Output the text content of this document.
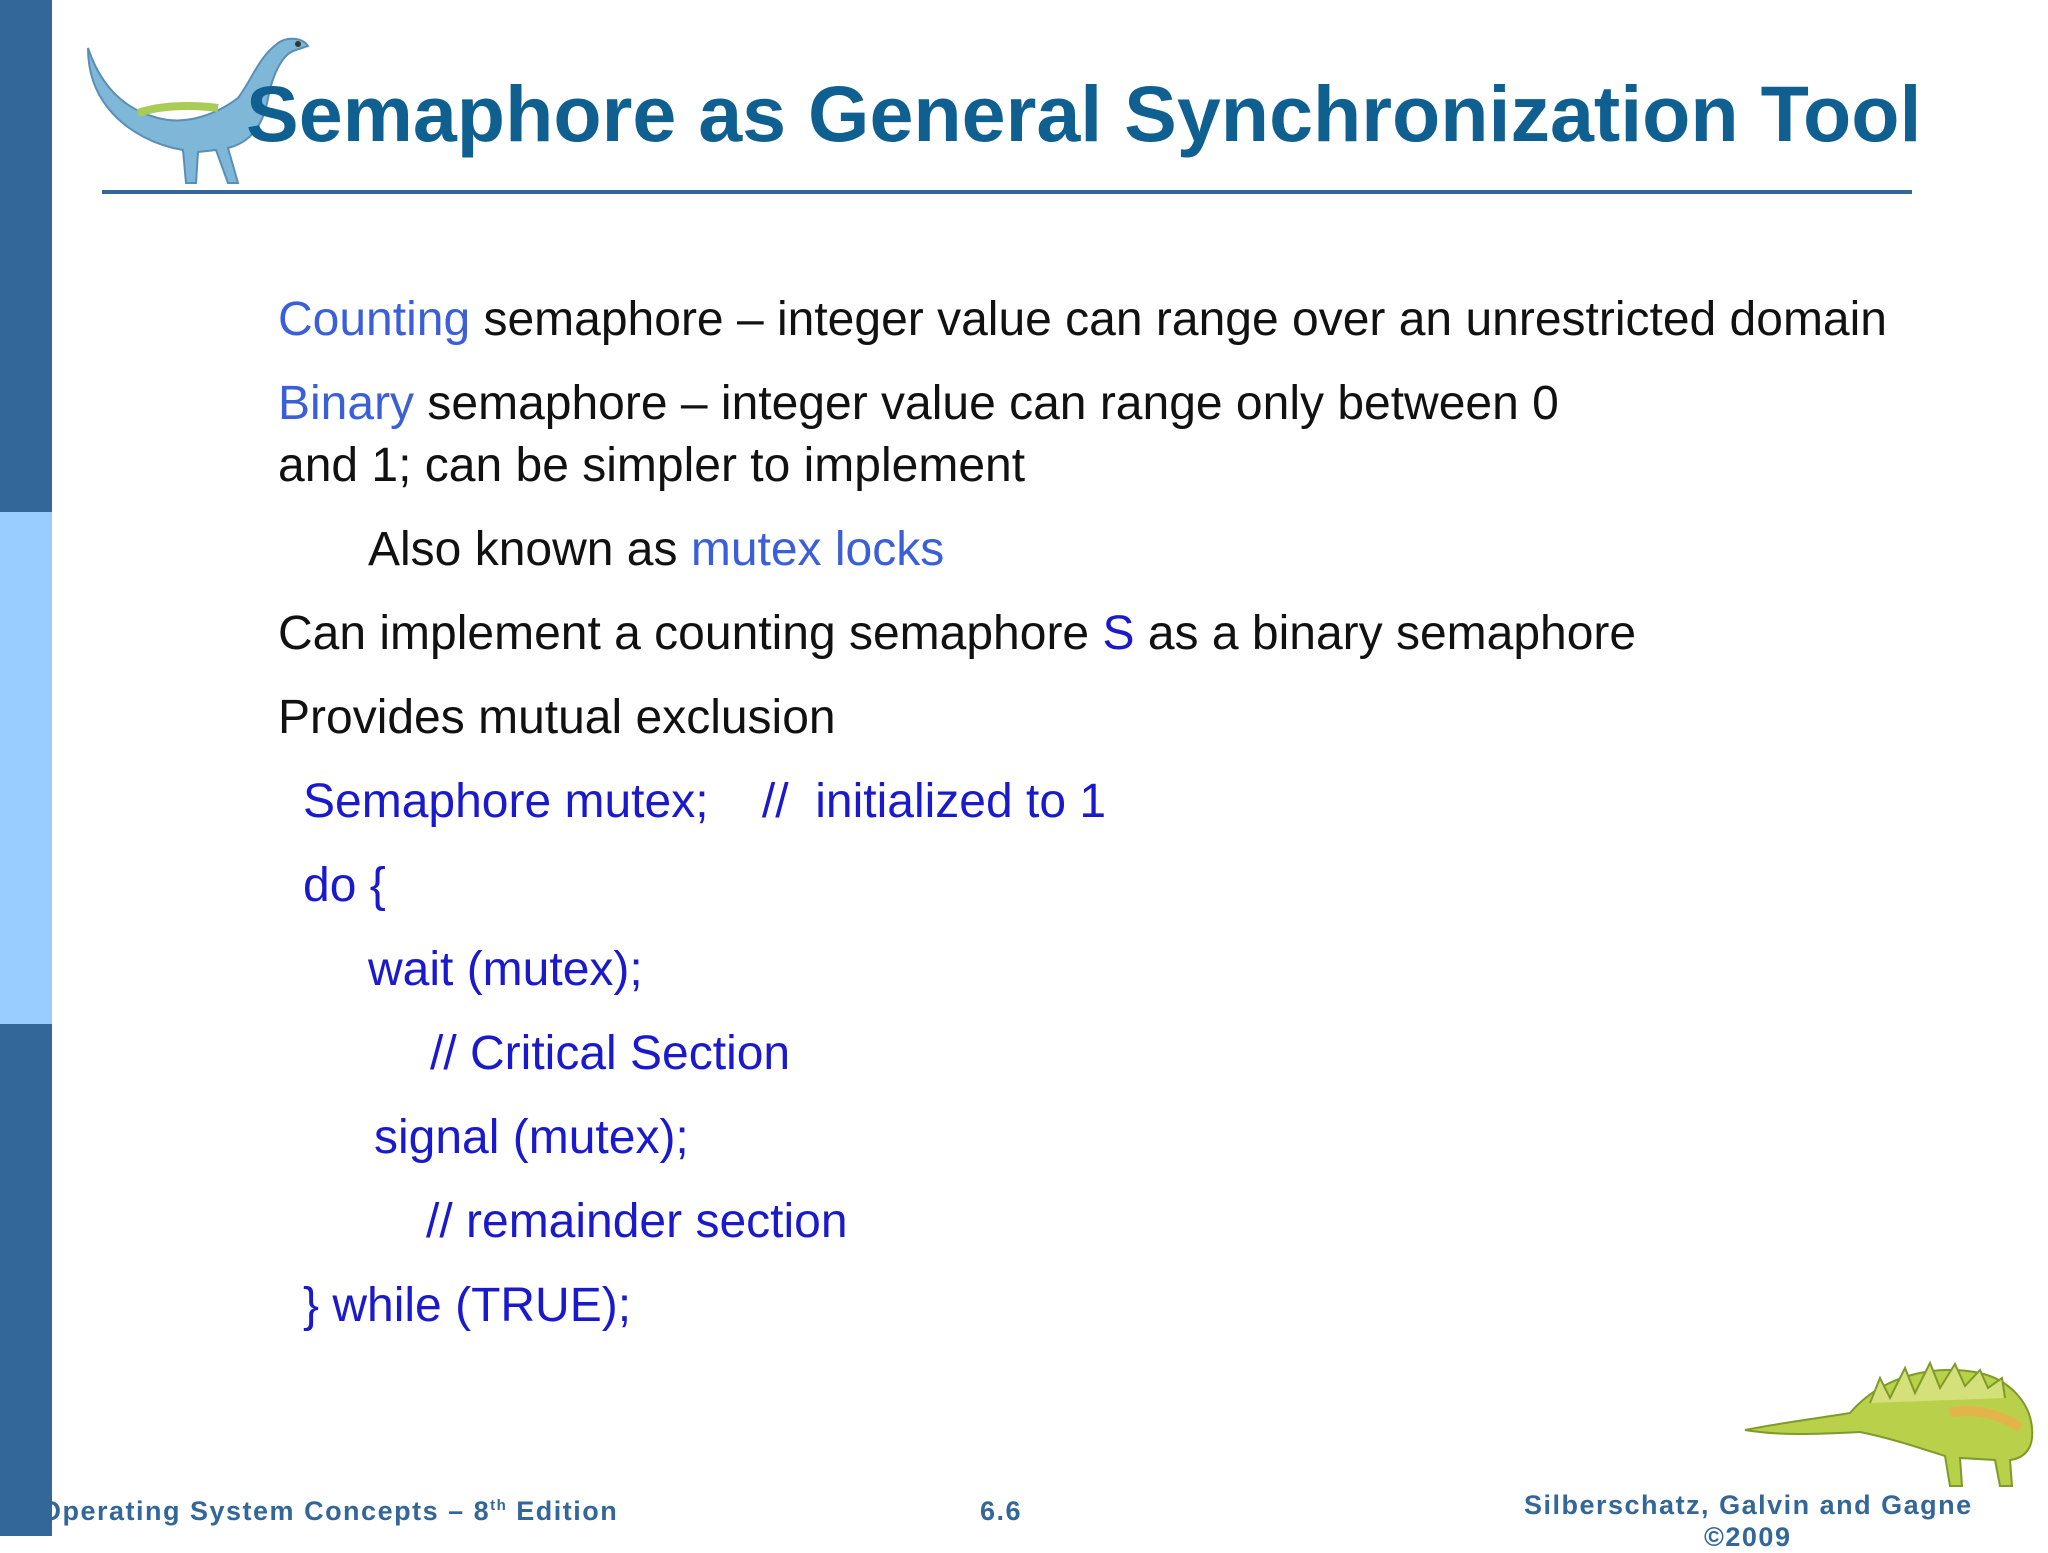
Semaphore as General Synchronization Tool
Counting semaphore – integer value can range over an unrestricted domain
Binary semaphore – integer value can range only between 0
and 1; can be simpler to implement
Also known as mutex locks
Can implement a counting semaphore S as a binary semaphore
Provides mutual exclusion
Semaphore mutex;    //  initialized to 1
do {
wait (mutex);
// Critical Section
signal (mutex);
// remainder section
} while (TRUE);
Operating System Concepts – 8th Edition	6.6	Silberschatz, Galvin and Gagne
©2009
